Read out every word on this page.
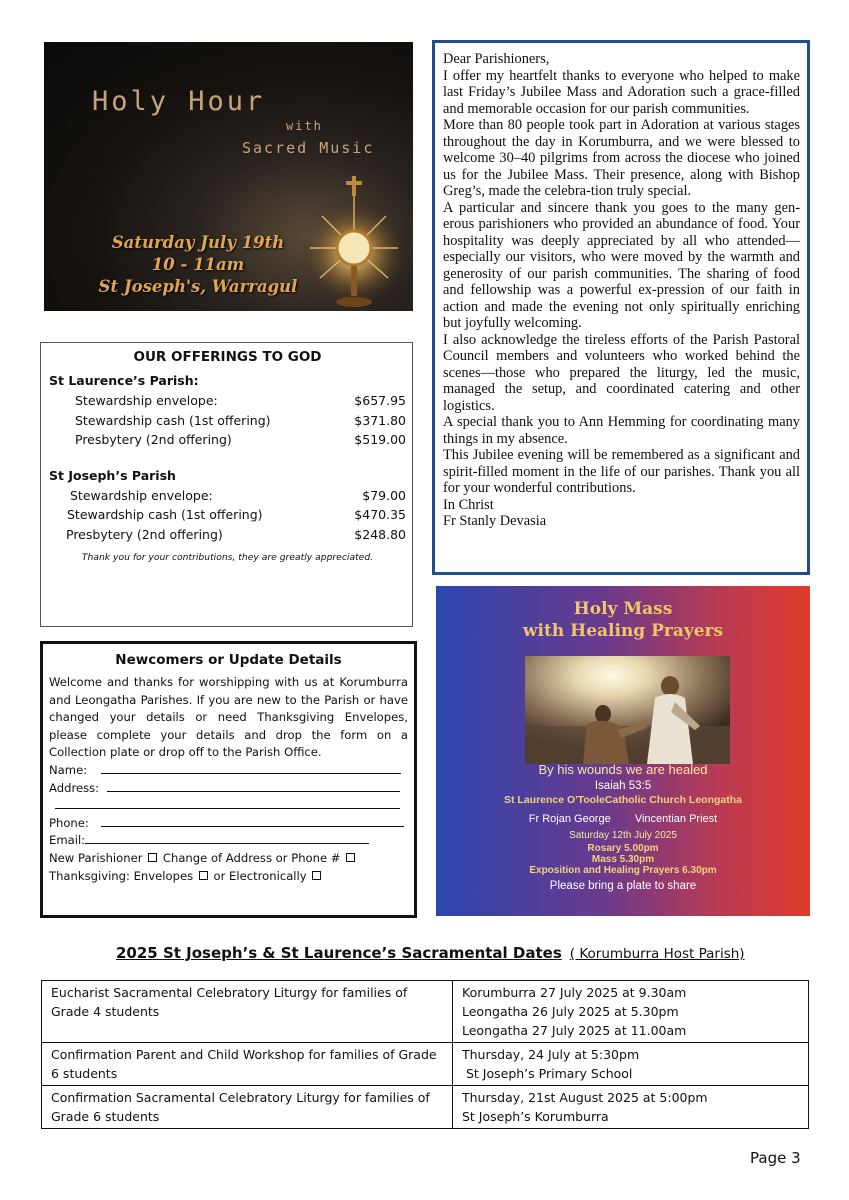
Holy Hour
with
Sacred Music
Saturday July 19th
10 - 11am
St Joseph's, Warragul

Dear Parishioners,

I offer my heartfelt thanks to everyone who helped to make last Friday’s Jubilee Mass and Adoration such a grace-filled and memorable occasion for our parish communities.

More than 80 people took part in Adoration at various stages throughout the day in Korumburra, and we were blessed to welcome 30–40 pilgrims from across the diocese who joined us for the Jubilee Mass. Their presence, along with Bishop Greg’s, made the celebra-tion truly special.

A particular and sincere thank you goes to the many gen-erous parishioners who provided an abundance of food. Your hospitality was deeply appreciated by all who attended—especially our visitors, who were moved by the warmth and generosity of our parish communities. The sharing of food and fellowship was a powerful ex-pression of our faith in action and made the evening not only spiritually enriching but joyfully welcoming.

I also acknowledge the tireless efforts of the Parish Pastoral Council members and volunteers who worked behind the scenes—those who prepared the liturgy, led the music, managed the setup, and coordinated catering and other logistics.

A special thank you to Ann Hemming for coordinating many things in my absence.

This Jubilee evening will be remembered as a significant and spirit-filled moment in the life of our parishes. Thank you all for your wonderful contributions.

In Christ

Fr Stanly Devasia

OUR OFFERINGS TO GOD
St Laurence’s Parish:
Stewardship envelope:	$657.95
Stewardship cash (1st offering)	$371.80
Presbytery (2nd offering)	$519.00
St Joseph’s Parish
Stewardship envelope:	$79.00
Stewardship cash (1st offering)	$470.35
Presbytery (2nd offering)	$248.80
Thank you for your contributions, they are greatly appreciated.
Newcomers or Update Details
Welcome and thanks for worshipping with us at Korumburra and Leongatha Parishes. If you are new to the Parish or have changed your details or need Thanksgiving Envelopes, please complete your details and drop the form on a Collection plate or drop off to the Parish Office.
Name:
Address:
Phone:
Email:
New Parishioner Change of Address or Phone #
Thanksgiving: Envelopes or Electronically
Holy Mass
with Healing Prayers
By his wounds we are healed
Isaiah 53:5
St Laurence O'TooleCatholic Church Leongatha
Fr Rojan George Vincentian Priest
Saturday 12th July 2025
Rosary 5.00pm
Mass 5.30pm
Exposition and Healing Prayers 6.30pm
Please bring a plate to share
2025 St Joseph’s & St Laurence’s Sacramental Dates ( Korumburra Host Parish)
Eucharist Sacramental Celebratory Liturgy for families of Grade 4 students	Korumburra 27 July 2025 at 9.30am
Leongatha 26 July 2025 at 5.30pm
Leongatha 27 July 2025 at 11.00am

Confirmation Parent and Child Workshop for families of Grade 6 students	Thursday, 24 July at 5:30pm
St Joseph’s Primary School

Confirmation Sacramental Celebratory Liturgy for families of Grade 6 students	Thursday, 21st August 2025 at 5:00pm
St Joseph’s Korumburra
Page 3
